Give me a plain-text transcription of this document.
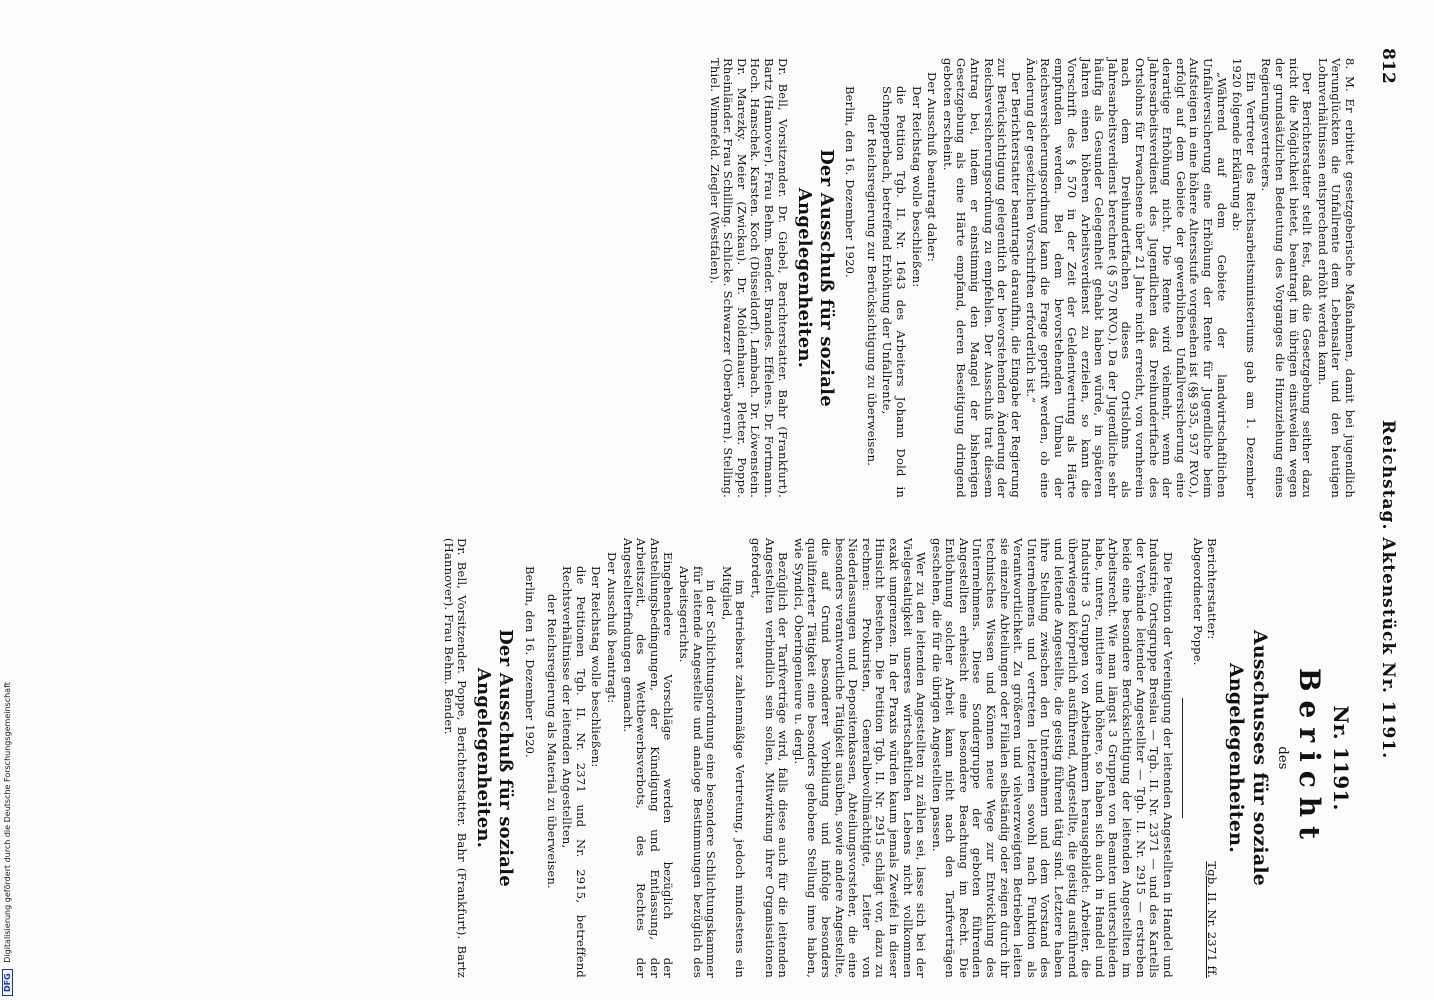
812
Reichstag. Aktenstück Nr. 1191.

8. M. Er erbittet gesetzgeberische Maßnahmen, damit bei jugendlich Verunglückten die Unfallrente dem Lebensalter und den heutigen Lohnverhältnissen entsprechend erhöht werden kann.

Der Berichterstatter stellt fest, daß die Gesetzgebung seither dazu nicht die Möglichkeit bietet, beantragt im übrigen einstweilen wegen der grundsätzlichen Bedeutung des Vorganges die Hinzuziehung eines Regierungsvertreters.

Ein Vertreter des Reichsarbeitsministeriums gab am 1. Dezember 1920 folgende Erklärung ab:

„Während auf dem Gebiete der landwirtschaftlichen Unfallversicherung eine Erhöhung der Rente für Jugendliche beim Aufsteigen in eine höhere Altersstufe vorgesehen ist (§§ 935, 937 RVO.), erfolgt auf dem Gebiete der gewerblichen Unfallversicherung eine derartige Erhöhung nicht. Die Rente wird vielmehr, wenn der Jahresarbeitsverdienst des Jugendlichen das Dreihundertfache des Ortslohns für Erwachsene über 21 Jahre nicht erreicht, von vornherein nach dem Dreihundertfachen dieses Ortslohns als Jahresarbeitsverdienst berechnet (§ 570 RVO.). Da der Jugendliche sehr häufig als Gesunder Gelegenheit gehabt haben würde, in späteren Jahren einen höheren Arbeitsverdienst zu erzielen, so kann die Vorschrift des § 570 in der Zeit der Geldentwertung als Härte empfunden werden. Bei dem bevorstehenden Umbau der Reichsversicherungsordnung kann die Frage geprüft werden, ob eine Änderung der gesetzlichen Vorschriften erforderlich ist.“

Der Berichterstatter beantragte daraufhin, die Eingabe der Regierung zur Berücksichtigung gelegentlich der bevorstehenden Änderung der Reichsversicherungsordnung zu empfehlen. Der Ausschuß trat diesem Antrag bei, indem er einstimmig den Mangel der bisherigen Gesetzgebung als eine Härte empfand, deren Beseitigung dringend geboten erscheint.

Der Ausschuß beantragt daher:

Der Reichstag wolle beschließen:

die Petition Tgb. II. Nr. 1643 des Arbeiters Johann Dold in Schnepperbach, betreffend Erhöhung der Unfallrente,

der Reichsregierung zur Berücksichtigung zu überweisen.

Berlin, den 16. Dezember 1920.

Der Ausschuß für soziale Angelegenheiten.

Dr. Bell, Vorsitzender. Dr. Giebel, Berichterstatter. Bahr (Frankfurt). Bartz (Hannover). Frau Behm. Bender. Brandes. Effelens. Dr. Fortmann. Hoch. Hanschek. Karsten. Koch (Düsseldorf). Lambach. Dr. Löwenstein. Dr. Marezky. Meier (Zwickau). Dr. Moldenhauer. Pletter. Poppe. Rheinländer. Frau Schilling. Schlicke. Schwarzer (Oberbayern). Stelling. Thiel. Winnefeld. Ziegler (Westfalen).

Nr. 1191.

Bericht

des

Ausschusses für soziale Angelegenheiten.

Berichterstatter:
Abgeordneter Poppe.
Tgb. II. Nr. 2371 ff.

Die Petition der Vereinigung der leitenden Angestellten in Handel und Industrie, Ortsgruppe Breslau — Tgb. II. Nr. 2371 — und des Kartells der Verbände leitender Angestellter — Tgb. II. Nr. 2915 — erstreben beide eine besondere Berücksichtigung der leitenden Angestellten im Arbeitsrecht. Wie man längst 3 Gruppen von Beamten unterschieden habe, untere, mittlere und höhere, so haben sich auch in Handel und Industrie 3 Gruppen von Arbeitnehmern herausgebildet: Arbeiter, die überwiegend körperlich ausführend, Angestellte, die geistig ausführend und leitende Angestellte, die geistig führend tätig sind. Letztere haben ihre Stellung zwischen den Unternehmern und dem Vorstand des Unternehmens und vertreten letzteren sowohl nach Funktion als Verantwortlichkeit. Zu größeren und vielverzweigten Betrieben leiten sie einzelne Abteilungen oder Filialen selbständig oder zeigen durch ihr technisches Wissen und Können neue Wege zur Entwicklung des Unternehmens. Diese Sondergruppe der geboten führenden Angestellten erheischt eine besondere Beachtung im Recht. Die Entlohnung solcher Arbeit kann nicht nach den Tarifverträgen geschehen, die für die übrigen Angestellten passen.

Wer zu den leitenden Angestellten zu zählen sei, lasse sich bei der Vielgestaltigkeit unseres wirtschaftlichen Lebens nicht vollkommen exakt umgrenzen. In der Praxis würden kaum jemals Zweifel in dieser Hinsicht bestehen. Die Petition Tgb. II. Nr. 2915 schlägt vor, dazu zu rechnen: Prokuristen, Generalbevollmächtigte, Leiter von Niederlassungen und Depositenkassen, Abteilungsvorsteher, die eine besonders verantwortliche Tätigkeit ausüben, sowie andere Angestellte, die auf Grund besonderer Vorbildung und infolge besonders qualifizierter Tätigkeit eine besonders gehobene Stellung inne haben, wie Syndici, Oberingenieure u. dergl.

Bezüglich der Tarifverträge wird, falls diese auch für die leitenden Angestellten verbindlich sein sollen, Mitwirkung ihrer Organisationen gefordert,

im Betriebsrat zahlenmäßige Vertretung, jedoch mindestens ein Mitglied,

in der Schlichtungsordnung eine besondere Schlichtungskammer für leitende Angestellte und analoge Bestimmungen bezüglich des Arbeitsgerichts.

Eingehendere Vorschläge werden bezüglich der Anstellungsbedingungen, der Kündigung und Entlassung, der Arbeitszeit, des Wettbewerbsverbots, des Rechtes der Angestellterfindungen gemacht.

Der Ausschuß beantragt:

Der Reichstag wolle beschließen:

die Petitionen Tgb. II. Nr. 2371 und Nr. 2915, betreffend Rechtsverhältnisse der leitenden Angestellten,

der Reichsregierung als Material zu überweisen.

Berlin, den 16. Dezember 1920.

Der Ausschuß für soziale Angelegenheiten.

Dr. Bell, Vorsitzender. Poppe, Berichterstatter. Bahr (Frankfurt). Bartz (Hannover). Frau Behm. Bender.

DFG Digitalisierung gefördert durch die Deutsche Forschungsgemeinschaft
